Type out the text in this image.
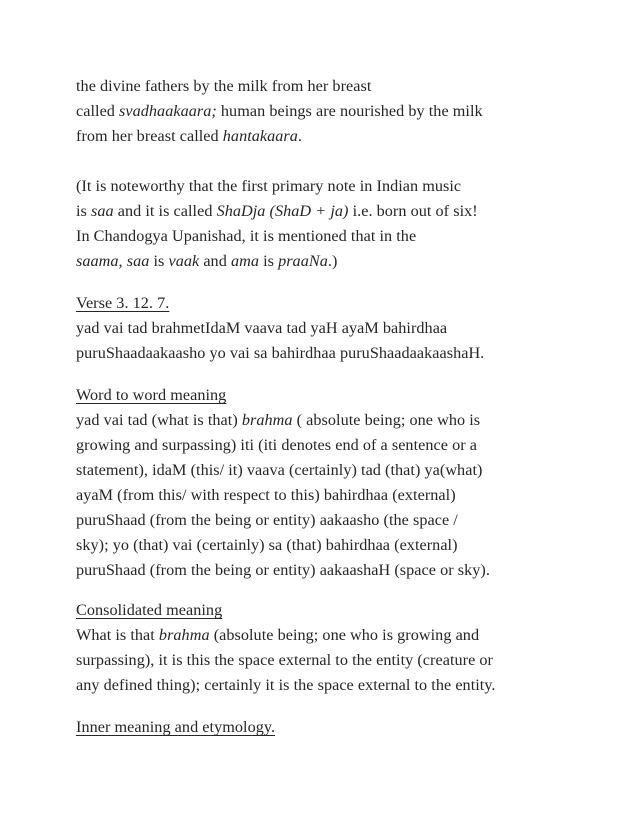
the divine fathers by the milk from her breast
called svadhaakaara; human beings are nourished by the milk
from her breast called hantakaara.
(It is noteworthy that the first primary note in Indian music
is saa and it is called ShaDja (ShaD + ja) i.e. born out of six!
In Chandogya Upanishad, it is mentioned that in the
saama, saa is vaak and ama is praaNa.)
Verse 3. 12. 7.
yad vai tad brahmetIdaM vaava tad yaH ayaM bahirdhaa
puruShaadaakaasho yo vai sa bahirdhaa puruShaadaakaashaH.
Word to word meaning
yad vai tad (what is that) brahma ( absolute being; one who is
growing and surpassing) iti (iti denotes end of a sentence or a
statement), idaM (this/ it) vaava (certainly) tad (that) ya(what)
ayaM (from this/ with respect to this) bahirdhaa (external)
puruShaad (from the being or entity) aakaasho (the space /
sky); yo (that) vai (certainly) sa (that) bahirdhaa (external)
puruShaad (from the being or entity) aakaashaH (space or sky).
Consolidated meaning
What is that brahma (absolute being; one who is growing and
surpassing), it is this the space external to the entity (creature or
any defined thing); certainly it is the space external to the entity.
Inner meaning and etymology.
